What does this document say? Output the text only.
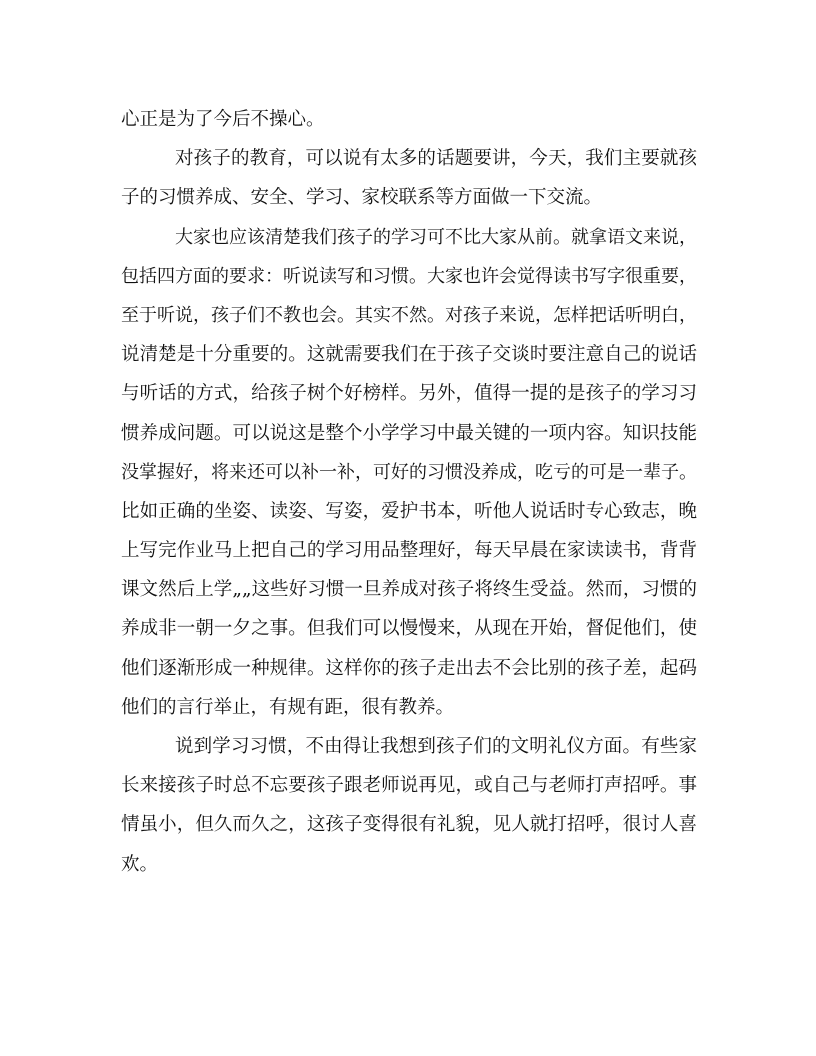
心正是为了今后不操心。
对孩子的教育，可以说有太多的话题要讲，今天，我们主要就孩
子的习惯养成、安全、学习、家校联系等方面做一下交流。
大家也应该清楚我们孩子的学习可不比大家从前。就拿语文来说，
包括四方面的要求：听说读写和习惯。大家也许会觉得读书写字很重要，
至于听说，孩子们不教也会。其实不然。对孩子来说，怎样把话听明白，
说清楚是十分重要的。这就需要我们在于孩子交谈时要注意自己的说话
与听话的方式，给孩子树个好榜样。另外，值得一提的是孩子的学习习
惯养成问题。可以说这是整个小学学习中最关键的一项内容。知识技能
没掌握好，将来还可以补一补，可好的习惯没养成，吃亏的可是一辈子。
比如正确的坐姿、读姿、写姿，爱护书本，听他人说话时专心致志，晚
上写完作业马上把自己的学习用品整理好，每天早晨在家读读书，背背
课文然后上学„„这些好习惯一旦养成对孩子将终生受益。然而，习惯的
养成非一朝一夕之事。但我们可以慢慢来，从现在开始，督促他们，使
他们逐渐形成一种规律。这样你的孩子走出去不会比别的孩子差，起码
他们的言行举止，有规有距，很有教养。
说到学习习惯，不由得让我想到孩子们的文明礼仪方面。有些家
长来接孩子时总不忘要孩子跟老师说再见，或自己与老师打声招呼。事
情虽小，但久而久之，这孩子变得很有礼貌，见人就打招呼，很讨人喜
欢。
